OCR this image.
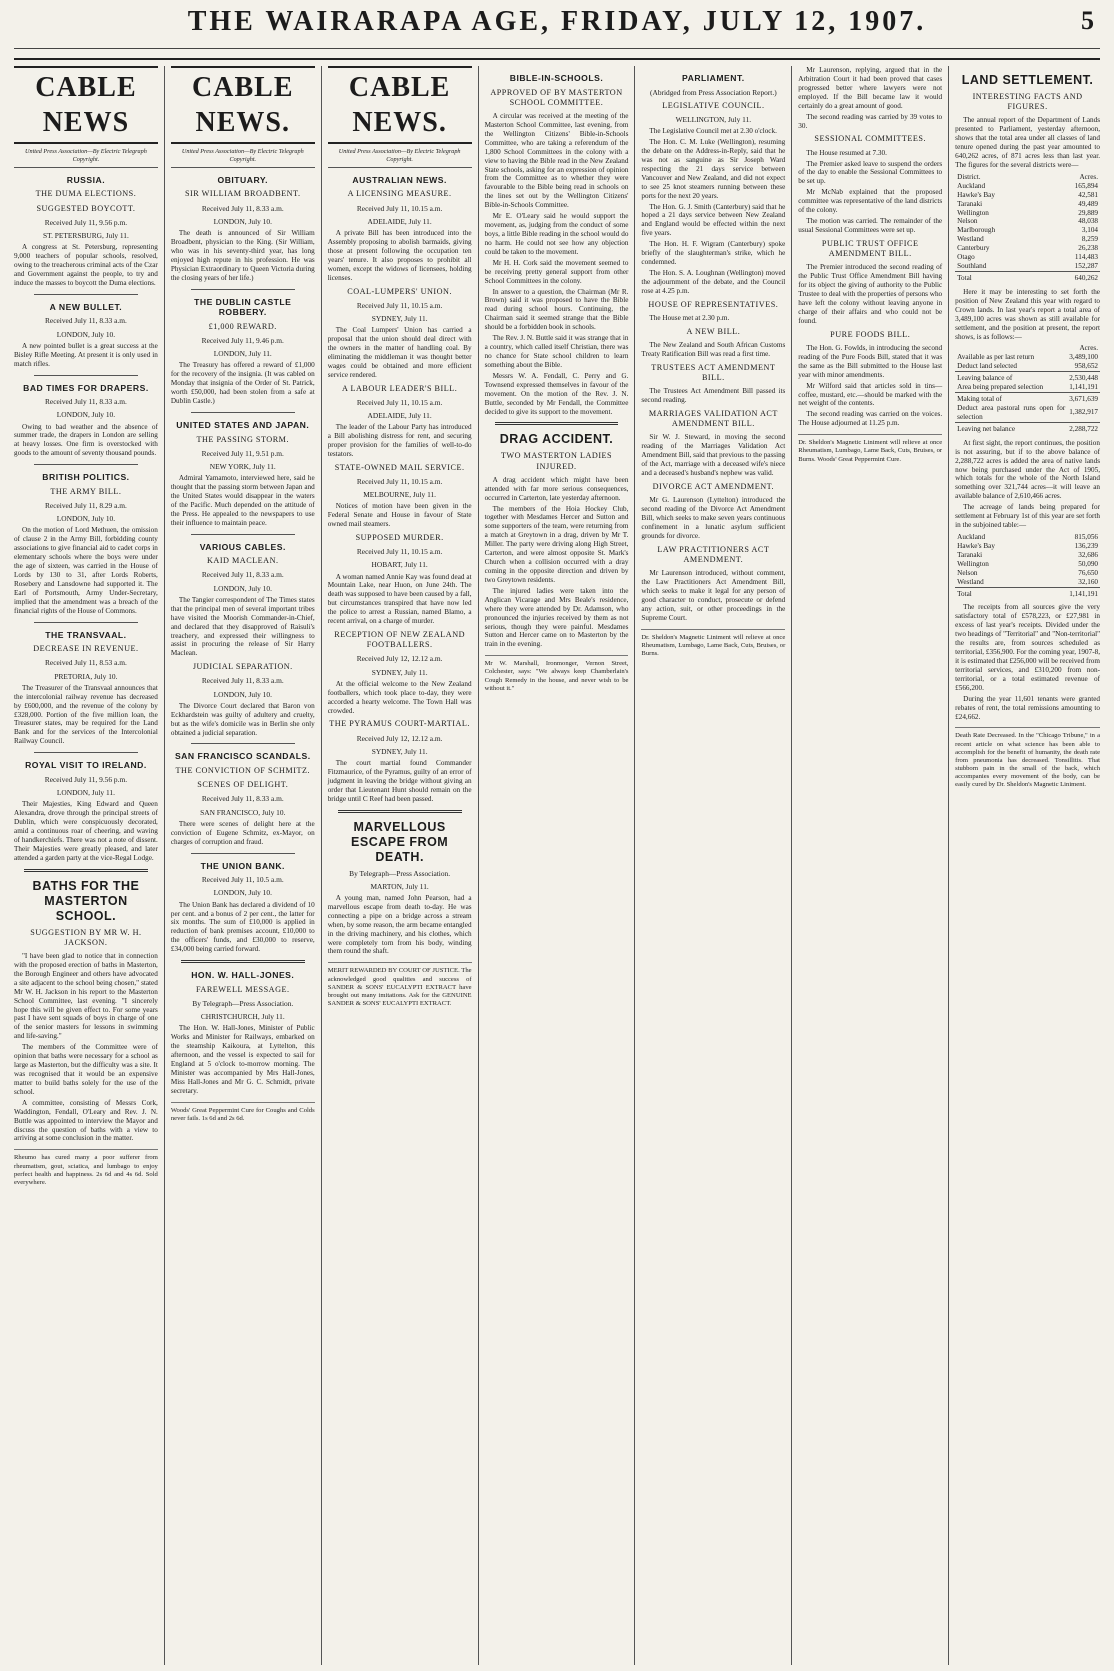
THE WAIRARAPA AGE, FRIDAY, JULY 12, 1907.	5
CABLE NEWS
United Press Association—By Electric Telegraph Copyright.
RUSSIA.
THE DUMA ELECTIONS.
SUGGESTED BOYCOTT.
Received July 11, 9.56 p.m.
ST. PETERSBURG, July 11.

A congress at St. Petersburg, representing 9,000 teachers of popular schools, resolved, owing to the treacherous criminal acts of the Czar and Government against the people, to try and induce the masses to boycott the Duma elections.

A NEW BULLET.
Received July 11, 8.33 a.m.
LONDON, July 10.

A new pointed bullet is a great success at the Bisley Rifle Meeting. At present it is only used in match rifles.

BAD TIMES FOR DRAPERS.
Received July 11, 8.33 a.m.
LONDON, July 10.

Owing to bad weather and the absence of summer trade, the drapers in London are selling at heavy losses. One firm is overstocked with goods to the amount of seventy thousand pounds.

BRITISH POLITICS.
THE ARMY BILL.
Received July 11, 8.29 a.m.
LONDON, July 10.

On the motion of Lord Methuen, the omission of clause 2 in the Army Bill, forbidding county associations to give financial aid to cadet corps in elementary schools where the boys were under the age of sixteen, was carried in the House of Lords by 130 to 31, after Lords Roberts, Rosebery and Lansdowne had supported it. The Earl of Portsmouth, Army Under-Secretary, implied that the amendment was a breach of the financial rights of the House of Commons.

THE TRANSVAAL.
DECREASE IN REVENUE.
Received July 11, 8.53 a.m.
PRETORIA, July 10.

The Treasurer of the Transvaal announces that the intercolonial railway revenue has decreased by £600,000, and the revenue of the colony by £328,000. Portion of the five million loan, the Treasurer states, may be required for the Land Bank and for the services of the Intercolonial Railway Council.

ROYAL VISIT TO IRELAND.
Received July 11, 9.56 p.m.
LONDON, July 11.

Their Majesties, King Edward and Queen Alexandra, drove through the principal streets of Dublin, which were conspicuously decorated, amid a continuous roar of cheering, and waving of handkerchiefs. There was not a note of dissent. Their Majesties were greatly pleased, and later attended a garden party at the vice-Regal Lodge.

BATHS FOR THE MASTERTON SCHOOL.
SUGGESTION BY MR W. H. JACKSON.

"I have been glad to notice that in connection with the proposed erection of baths in Masterton, the Borough Engineer and others have advocated a site adjacent to the school being chosen," stated Mr W. H. Jackson in his report to the Masterton School Committee, last evening. "I sincerely hope this will be given effect to. For some years past I have sent squads of boys in charge of one of the senior masters for lessons in swimming and life-saving."

The members of the Committee were of opinion that baths were necessary for a school as large as Masterton, but the difficulty was a site. It was recognised that it would be an expensive matter to build baths solely for the use of the school.

A committee, consisting of Messrs Cork, Waddington, Fendall, O'Leary and Rev. J. N. Buttle was appointed to interview the Mayor and discuss the question of baths with a view to arriving at some conclusion in the matter.

Rheumo has cured many a poor sufferer from rheumatism, gout, sciatica, and lumbago to enjoy perfect health and happiness. 2s 6d and 4s 6d. Sold everywhere.
CABLE NEWS.
United Press Association—By Electric Telegraph Copyright.
OBITUARY.
SIR WILLIAM BROADBENT.
Received July 11, 8.33 a.m.
LONDON, July 10.

The death is announced of Sir William Broadbent, physician to the King. (Sir William, who was in his seventy-third year, has long enjoyed high repute in his profession. He was Physician Extraordinary to Queen Victoria during the closing years of her life.)

THE DUBLIN CASTLE ROBBERY.
£1,000 REWARD.
Received July 11, 9.46 p.m.
LONDON, July 11.

The Treasury has offered a reward of £1,000 for the recovery of the insignia. (It was cabled on Monday that insignia of the Order of St. Patrick, worth £50,000, had been stolen from a safe at Dublin Castle.)

UNITED STATES AND JAPAN.
THE PASSING STORM.
Received July 11, 9.51 p.m.
NEW YORK, July 11.

Admiral Yamamoto, interviewed here, said he thought that the passing storm between Japan and the United States would disappear in the waters of the Pacific. Much depended on the attitude of the Press. He appealed to the newspapers to use their influence to maintain peace.

VARIOUS CABLES.
KAID MACLEAN.
Received July 11, 8.33 a.m.
LONDON, July 10.

The Tangier correspondent of The Times states that the principal men of several important tribes have visited the Moorish Commander-in-Chief, and declared that they disapproved of Raisuli's treachery, and expressed their willingness to assist in procuring the release of Sir Harry Maclean.

JUDICIAL SEPARATION.
Received July 11, 8.33 a.m.
LONDON, July 10.

The Divorce Court declared that Baron von Eckhardstein was guilty of adultery and cruelty, but as the wife's domicile was in Berlin she only obtained a judicial separation.

SAN FRANCISCO SCANDALS.
THE CONVICTION OF SCHMITZ.
SCENES OF DELIGHT.
Received July 11, 8.33 a.m.
SAN FRANCISCO, July 10.

There were scenes of delight here at the conviction of Eugene Schmitz, ex-Mayor, on charges of corruption and fraud.

THE UNION BANK.
Received July 11, 10.5 a.m.
LONDON, July 10.

The Union Bank has declared a dividend of 10 per cent. and a bonus of 2 per cent., the latter for six months. The sum of £10,000 is applied in reduction of bank premises account, £10,000 to the officers' funds, and £30,000 to reserve, £34,000 being carried forward.

HON. W. HALL-JONES.
FAREWELL MESSAGE.
By Telegraph—Press Association.
CHRISTCHURCH, July 11.

The Hon. W. Hall-Jones, Minister of Public Works and Minister for Railways, embarked on the steamship Kaikoura, at Lyttelton, this afternoon, and the vessel is expected to sail for England at 5 o'clock to-morrow morning. The Minister was accompanied by Mrs Hall-Jones, Miss Hall-Jones and Mr G. C. Schmidt, private secretary.

Woods' Great Peppermint Cure for Coughs and Colds never fails. 1s 6d and 2s 6d.
CABLE NEWS.
United Press Association—By Electric Telegraph Copyright.
AUSTRALIAN NEWS.
A LICENSING MEASURE.
Received July 11, 10.15 a.m.
ADELAIDE, July 11.

A private Bill has been introduced into the Assembly proposing to abolish barmaids, giving those at present following the occupation ten years' tenure. It also proposes to prohibit all women, except the widows of licensees, holding licenses.

COAL-LUMPERS' UNION.
Received July 11, 10.15 a.m.
SYDNEY, July 11.

The Coal Lumpers' Union has carried a proposal that the union should deal direct with the owners in the matter of handling coal. By eliminating the middleman it was thought better wages could be obtained and more efficient service rendered.

A LABOUR LEADER'S BILL.
Received July 11, 10.15 a.m.
ADELAIDE, July 11.

The leader of the Labour Party has introduced a Bill abolishing distress for rent, and securing proper provision for the families of well-to-do testators.

STATE-OWNED MAIL SERVICE.
Received July 11, 10.15 a.m.
MELBOURNE, July 11.

Notices of motion have been given in the Federal Senate and House in favour of State owned mail steamers.

SUPPOSED MURDER.
Received July 11, 10.15 a.m.
HOBART, July 11.

A woman named Annie Kay was found dead at Mountain Lake, near Huon, on June 24th. The death was supposed to have been caused by a fall, but circumstances transpired that have now led the police to arrest a Russian, named Blamo, a recent arrival, on a charge of murder.

RECEPTION OF NEW ZEALAND FOOTBALLERS.
Received July 12, 12.12 a.m.
SYDNEY, July 11.

At the official welcome to the New Zealand footballers, which took place to-day, they were accorded a hearty welcome. The Town Hall was crowded.

THE PYRAMUS COURT-MARTIAL.
Received July 12, 12.12 a.m.
SYDNEY, July 11.

The court martial found Commander Fitzmaurice, of the Pyramus, guilty of an error of judgment in leaving the bridge without giving an order that Lieutenant Hunt should remain on the bridge until C Reef had been passed.

MARVELLOUS ESCAPE FROM DEATH.
By Telegraph—Press Association.
MARTON, July 11.

A young man, named John Pearson, had a marvellous escape from death to-day. He was connecting a pipe on a bridge across a stream when, by some reason, the arm became entangled in the driving machinery, and his clothes, which were completely torn from his body, winding them round the shaft.

MERIT REWARDED BY COURT OF JUSTICE. The acknowledged good qualities and success of SANDER & SONS' EUCALYPTI EXTRACT have brought out many imitations. Ask for the GENUINE SANDER & SONS' EUCALYPTI EXTRACT.
BIBLE-IN-SCHOOLS.
APPROVED OF BY MASTERTON SCHOOL COMMITTEE.

A circular was received at the meeting of the Masterton School Committee, last evening, from the Wellington Citizens' Bible-in-Schools Committee, who are taking a referendum of the 1,800 School Committees in the colony with a view to having the Bible read in the New Zealand State schools, asking for an expression of opinion from the Committee as to whether they were favourable to the Bible being read in schools on the lines set out by the Wellington Citizens' Bible-in-Schools Committee.

Mr E. O'Leary said he would support the movement, as, judging from the conduct of some boys, a little Bible reading in the school would do no harm. He could not see how any objection could be taken to the movement.

Mr H. H. Cork said the movement seemed to be receiving pretty general support from other School Committees in the colony.

In answer to a question, the Chairman (Mr R. Brown) said it was proposed to have the Bible read during school hours. Continuing, the Chairman said it seemed strange that the Bible should be a forbidden book in schools.

The Rev. J. N. Buttle said it was strange that in a country, which called itself Christian, there was no chance for State school children to learn something about the Bible.

Messrs W. A. Fendall, C. Perry and G. Townsend expressed themselves in favour of the movement. On the motion of the Rev. J. N. Buttle, seconded by Mr Fendall, the Committee decided to give its support to the movement.

DRAG ACCIDENT.
TWO MASTERTON LADIES INJURED.

A drag accident which might have been attended with far more serious consequences, occurred in Carterton, late yesterday afternoon.

The members of the Hoia Hockey Club, together with Mesdames Hercer and Sutton and some supporters of the team, were returning from a match at Greytown in a drag, driven by Mr T. Miller. The party were driving along High Street, Carterton, and were almost opposite St. Mark's Church when a collision occurred with a dray coming in the opposite direction and driven by two Greytown residents.

The injured ladies were taken into the Anglican Vicarage and Mrs Beale's residence, where they were attended by Dr. Adamson, who pronounced the injuries received by them as not serious, though they were painful. Mesdames Sutton and Hercer came on to Masterton by the train in the evening.

Mr W. Marshall, Ironmonger, Vernon Street, Colchester, says: "We always keep Chamberlain's Cough Remedy in the house, and never wish to be without it."
PARLIAMENT.
(Abridged from Press Association Report.)
LEGISLATIVE COUNCIL.
WELLINGTON, July 11.

The Legislative Council met at 2.30 o'clock.

The Hon. C. M. Luke (Wellington), resuming the debate on the Address-in-Reply, said that he was not as sanguine as Sir Joseph Ward respecting the 21 days service between Vancouver and New Zealand, and did not expect to see 25 knot steamers running between these ports for the next 20 years.

The Hon. G. J. Smith (Canterbury) said that he hoped a 21 days service between New Zealand and England would be effected within the next five years.

The Hon. H. F. Wigram (Canterbury) spoke briefly of the slaughterman's strike, which he condemned.

The Hon. S. A. Loughnan (Wellington) moved the adjournment of the debate, and the Council rose at 4.25 p.m.

HOUSE OF REPRESENTATIVES.

The House met at 2.30 p.m.

A NEW BILL.

The New Zealand and South African Customs Treaty Ratification Bill was read a first time.

TRUSTEES ACT AMENDMENT BILL.

The Trustees Act Amendment Bill passed its second reading.

MARRIAGES VALIDATION ACT AMENDMENT BILL.

Sir W. J. Steward, in moving the second reading of the Marriages Validation Act Amendment Bill, said that previous to the passing of the Act, marriage with a deceased wife's niece and a deceased's husband's nephew was valid.

DIVORCE ACT AMENDMENT.

Mr G. Laurenson (Lyttelton) introduced the second reading of the Divorce Act Amendment Bill, which seeks to make seven years continuous confinement in a lunatic asylum sufficient grounds for divorce.

LAW PRACTITIONERS ACT AMENDMENT.

Mr Laurenson introduced, without comment, the Law Practitioners Act Amendment Bill, which seeks to make it legal for any person of good character to conduct, prosecute or defend any action, suit, or other proceedings in the Supreme Court.

Dr. Sheldon's Magnetic Liniment will relieve at once Rheumatism, Lumbago, Lame Back, Cuts, Bruises, or Burns.

Mr Laurenson, replying, argued that in the Arbitration Court it had been proved that cases progressed better where lawyers were not employed. If the Bill became law it would certainly do a great amount of good.

The second reading was carried by 39 votes to 30.

SESSIONAL COMMITTEES.

The House resumed at 7.30.

The Premier asked leave to suspend the orders of the day to enable the Sessional Committees to be set up.

Mr McNab explained that the proposed committee was representative of the land districts of the colony.

The motion was carried. The remainder of the usual Sessional Committees were set up.

PUBLIC TRUST OFFICE AMENDMENT BILL.

The Premier introduced the second reading of the Public Trust Office Amendment Bill having for its object the giving of authority to the Public Trustee to deal with the properties of persons who have left the colony without leaving anyone in charge of their affairs and who could not be found.

PURE FOODS BILL.

The Hon. G. Fowlds, in introducing the second reading of the Pure Foods Bill, stated that it was the same as the Bill submitted to the House last year with minor amendments.

Mr Wilford said that articles sold in tins—coffee, mustard, etc.—should be marked with the net weight of the contents.

The second reading was carried on the voices. The House adjourned at 11.25 p.m.

Dr. Sheldon's Magnetic Liniment will relieve at once Rheumatism, Lumbago, Lame Back, Cuts, Bruises, or Burns. Woods' Great Peppermint Cure.
LAND SETTLEMENT.
INTERESTING FACTS AND FIGURES.

The annual report of the Department of Lands presented to Parliament, yesterday afternoon, shows that the total area under all classes of land tenure opened during the past year amounted to 640,262 acres, of 871 acres less than last year. The figures for the several districts were—

District.	Acres.
Auckland	165,894
Hawke's Bay	42,581
Taranaki	49,489
Wellington	29,889
Nelson	48,038
Marlborough	3,104
Westland	8,259
Canterbury	26,238
Otago	114,483
Southland	152,287
Total	640,262

Here it may be interesting to set forth the position of New Zealand this year with regard to Crown lands. In last year's report a total area of 3,489,100 acres was shown as still available for settlement, and the position at present, the report shows, is as follows:—

	Acres.
Available as per last return	3,489,100
Deduct land selected	958,652
Leaving balance of	2,530,448
Area being prepared selection	1,141,191
Making total of	3,671,639
Deduct area pastoral runs open for selection	1,382,917
Leaving net balance	2,288,722

At first sight, the report continues, the position is not assuring, but if to the above balance of 2,288,722 acres is added the area of native lands now being purchased under the Act of 1905, which totals for the whole of the North Island something over 321,744 acres—it will leave an available balance of 2,610,466 acres.

The acreage of lands being prepared for settlement at February 1st of this year are set forth in the subjoined table:—

Auckland	815,056
Hawke's Bay	136,239
Taranaki	32,686
Wellington	50,090
Nelson	76,650
Westland	32,160
Total	1,141,191

The receipts from all sources give the very satisfactory total of £578,223, or £27,981 in excess of last year's receipts. Divided under the two headings of "Territorial" and "Non-territorial" the results are, from sources scheduled as territorial, £356,900. For the coming year, 1907-8, it is estimated that £256,000 will be received from territorial services, and £310,200 from non-territorial, or a total estimated revenue of £566,200.

During the year 11,601 tenants were granted rebates of rent, the total remissions amounting to £24,662.

Death Rate Decreased. In the "Chicago Tribune," in a recent article on what science has been able to accomplish for the benefit of humanity, the death rate from pneumonia has decreased. Tonsillitis. That stubborn pain in the small of the back, which accompanies every movement of the body, can be easily cured by Dr. Sheldon's Magnetic Liniment.
